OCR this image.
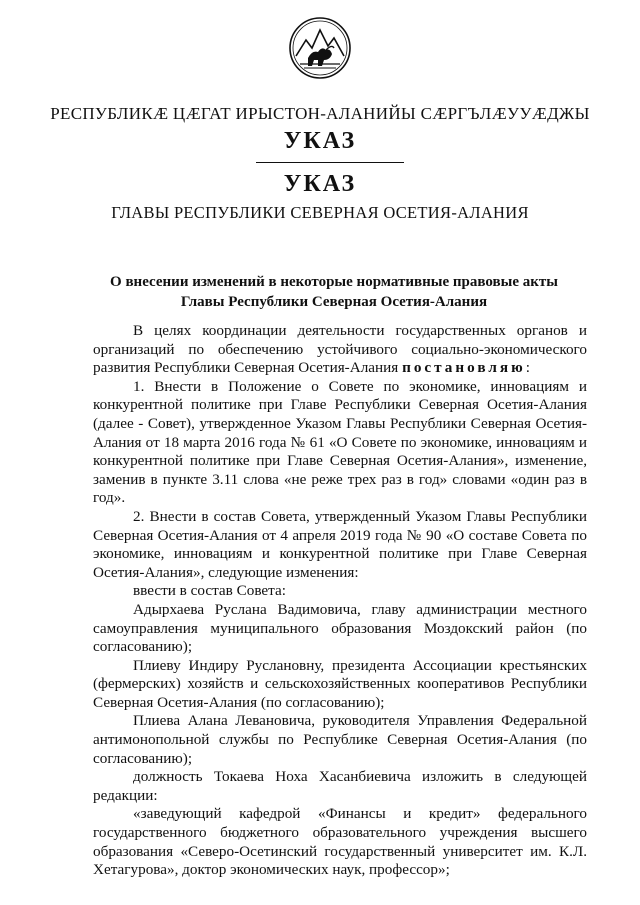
РЕСПУБЛИКӔ ЦӔГАТ ИРЫСТОН-АЛАНИЙЫ СӔРГЪЛӔУУӔДЖЫ
УКАЗ
УКАЗ
ГЛАВЫ РЕСПУБЛИКИ СЕВЕРНАЯ ОСЕТИЯ-АЛАНИЯ
О внесении изменений в некоторые нормативные правовые акты
Главы Республики Северная Осетия-Алания

В целях координации деятельности государственных органов и организаций по обеспечению устойчивого социально-экономического развития Республики Северная Осетия-Алания постановляю:

1. Внести в Положение о Совете по экономике, инновациям и конкурентной политике при Главе Республики Северная Осетия-Алания (далее - Совет), утвержденное Указом Главы Республики Северная Осетия-Алания от 18 марта 2016 года № 61 «О Совете по экономике, инновациям и конкурентной политике при Главе Северная Осетия-Алания», изменение, заменив в пункте 3.11 слова «не реже трех раз в год» словами «один раз в год».

2. Внести в состав Совета, утвержденный Указом Главы Республики Северная Осетия-Алания от 4 апреля 2019 года № 90 «О составе Совета по экономике, инновациям и конкурентной политике при Главе Северная Осетия-Алания», следующие изменения:

ввести в состав Совета:

Адырхаева Руслана Вадимовича, главу администрации местного самоуправления муниципального образования Моздокский район (по согласованию);

Плиеву Индиру Руслановну, президента Ассоциации крестьянских (фермерских) хозяйств и сельскохозяйственных кооперативов Республики Северная Осетия-Алания (по согласованию);

Плиева Алана Левановича, руководителя Управления Федеральной антимонопольной службы по Республике Северная Осетия-Алания (по согласованию);

должность Токаева Ноха Хасанбиевича изложить в следующей редакции:

«заведующий кафедрой «Финансы и кредит» федерального государственного бюджетного образовательного учреждения высшего образования «Северо-Осетинский государственный университет им. К.Л. Хетагурова», доктор экономических наук, профессор»;
